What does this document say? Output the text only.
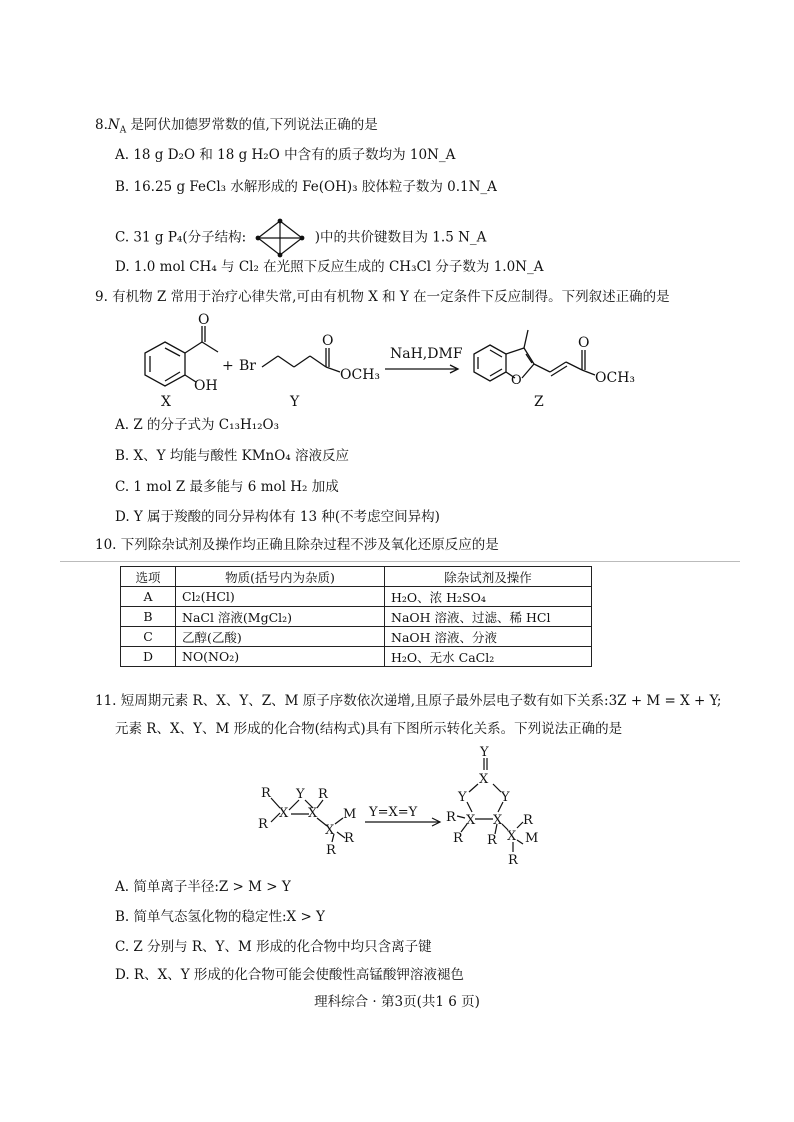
$8.N_A$ 是阿伏加德罗常数的值,下列说法正确的是
A. 18 g D₂O 和 18 g H₂O 中含有的质子数均为 10N_A
B. 16.25 g FeCl₃ 水解形成的 Fe(OH)₃ 胶体粒子数为 0.1N_A
C. 31 g P₄(分子结构:	)中的共价键数目为 1.5 N_A
D. 1.0 mol CH₄ 与 Cl₂ 在光照下反应生成的 CH₃Cl 分子数为 1.0N_A
9. 有机物 Z 常用于治疗心律失常,可由有机物 X 和 Y 在一定条件下反应制得。下列叙述正确的是
O
OH
X
+ Br
O
OCH₃
Y
NaH,DMF
O
O
OCH₃
Z
A. Z 的分子式为 C₁₃H₁₂O₃
B. X、Y 均能与酸性 KMnO₄ 溶液反应
C. 1 mol Z 最多能与 6 mol H₂ 加成
D. Y 属于羧酸的同分异构体有 13 种(不考虑空间异构)
10. 下列除杂试剂及操作均正确且除杂过程不涉及氧化还原反应的是
选项	物质(括号内为杂质)	除杂试剂及操作
A	Cl₂(HCl)	H₂O、浓 H₂SO₄
B	NaCl 溶液(MgCl₂)	NaOH 溶液、过滤、稀 HCl
C	乙醇(乙酸)	NaOH 溶液、分液
D	NO(NO₂)	H₂O、无水 CaCl₂
11. 短周期元素 R、X、Y、Z、M 原子序数依次递增,且原子最外层电子数有如下关系:3Z + M = X + Y;
元素 R、X、Y、M 形成的化合物(结构式)具有下图所示转化关系。下列说法正确的是
R
R
X
Y
X
R
X
M
R
R
Y=X=Y
Y
X
Y	Y
R X X
R R X
R
M
R
A. 简单离子半径:Z > M > Y
B. 简单气态氢化物的稳定性:X > Y
C. Z 分别与 R、Y、M 形成的化合物中均只含离子键
D. R、X、Y 形成的化合物可能会使酸性高锰酸钾溶液褪色
理科综合 · 第3页(共1 6 页)
